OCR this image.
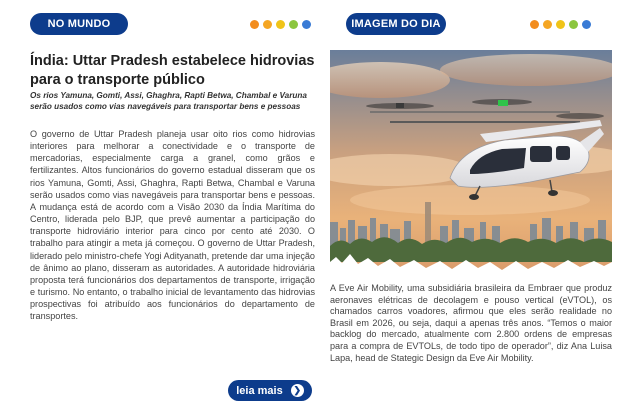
NO MUNDO
Índia: Uttar Pradesh estabelece hidrovias para o transporte público

Os rios Yamuna, Gomti, Assi, Ghaghra, Rapti Betwa, Chambal e Varuna serão usados como vias navegáveis para transportar bens e pessoas

O governo de Uttar Pradesh planeja usar oito rios como hidrovias interiores para melhorar a conectividade e o transporte de mercadorias, especialmente carga a granel, como grãos e fertilizantes. Altos funcionários do governo estadual disseram que os rios Yamuna, Gomti, Assi, Ghaghra, Rapti Betwa, Chambal e Varuna serão usados como vias navegáveis para transportar bens e pessoas. A mudança está de acordo com a Visão 2030 da Índia Marítima do Centro, liderada pelo BJP, que prevê aumentar a participação do transporte hidroviário interior para cinco por cento até 2030. O trabalho para atingir a meta já começou. O governo de Uttar Pradesh, liderado pelo ministro-chefe Yogi Adityanath, pretende dar uma injeção de ânimo ao plano, disseram as autoridades. A autoridade hidroviária proposta terá funcionários dos departamentos de transporte, irrigação e turismo. No entanto, o trabalho inicial de levantamento das hidrovias prospectivas foi atribuído aos funcionários do departamento de transportes.

leia mais	❯
IMAGEM DO DIA

A Eve Air Mobility, uma subsidiária brasileira da Embraer que produz aeronaves elétricas de decolagem e pouso vertical (eVTOL), os chamados carros voadores, afirmou que eles serão realidade no Brasil em 2026, ou seja, daqui a apenas três anos. “Temos o maior backlog do mercado, atualmente com 2.800 ordens de empresas para a compra de EVTOLs, de todo tipo de operador”, diz Ana Luisa Lapa, head de Stategic Design da Eve Air Mobility.
